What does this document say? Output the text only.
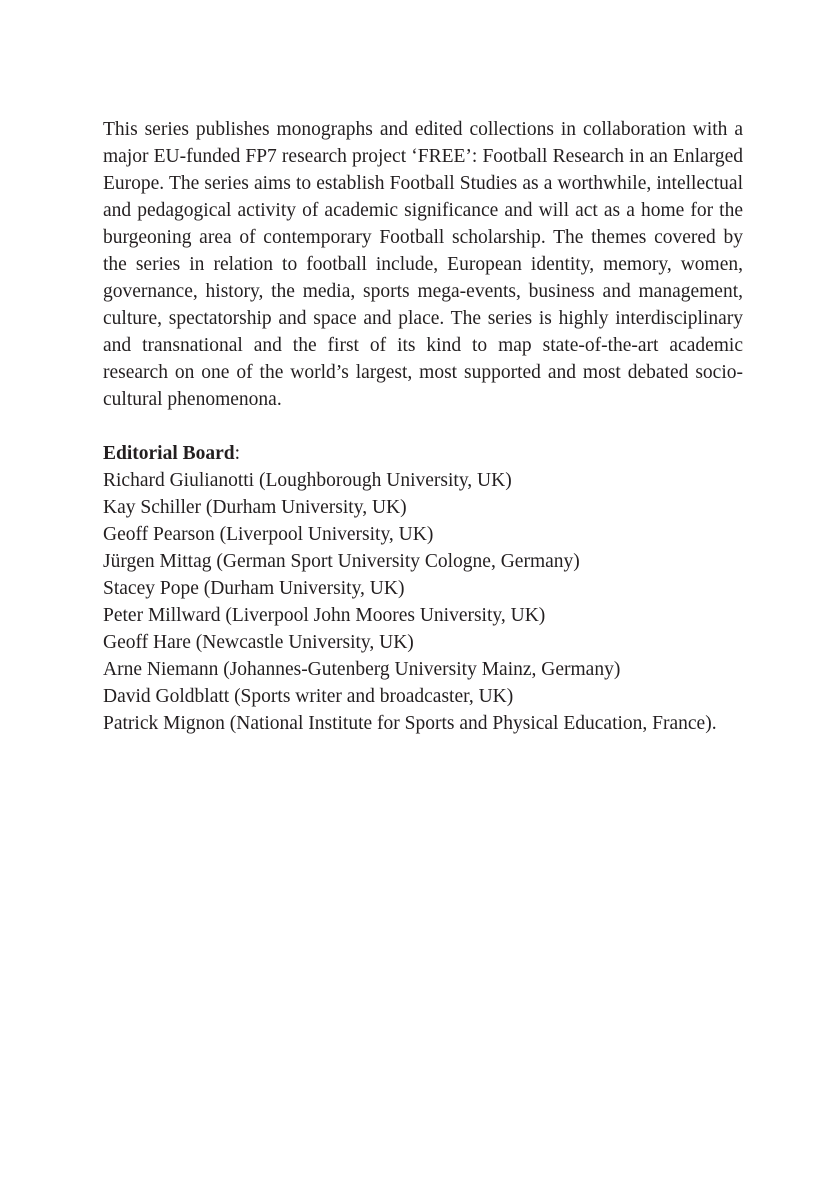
This series publishes monographs and edited collections in collaboration with a major EU-funded FP7 research project ‘FREE’: Football Research in an Enlarged Europe. The series aims to establish Football Studies as a worthwhile, intellectual and pedagogical activity of academic significance and will act as a home for the burgeoning area of contemporary Football scholarship. The themes covered by the series in relation to football include, European identity, memory, women, governance, history, the media, sports mega-events, business and management, culture, spectatorship and space and place. The series is highly interdisciplinary and transnational and the first of its kind to map state-of-the-art academic research on one of the world’s largest, most supported and most debated socio-cultural phenomenona.

Editorial Board:

Richard Giulianotti (Loughborough University, UK)
Kay Schiller (Durham University, UK)
Geoff Pearson (Liverpool University, UK)
Jürgen Mittag (German Sport University Cologne, Germany)
Stacey Pope (Durham University, UK)
Peter Millward (Liverpool John Moores University, UK)
Geoff Hare (Newcastle University, UK)
Arne Niemann (Johannes-Gutenberg University Mainz, Germany)
David Goldblatt (Sports writer and broadcaster, UK)
Patrick Mignon (National Institute for Sports and Physical Education, France).
